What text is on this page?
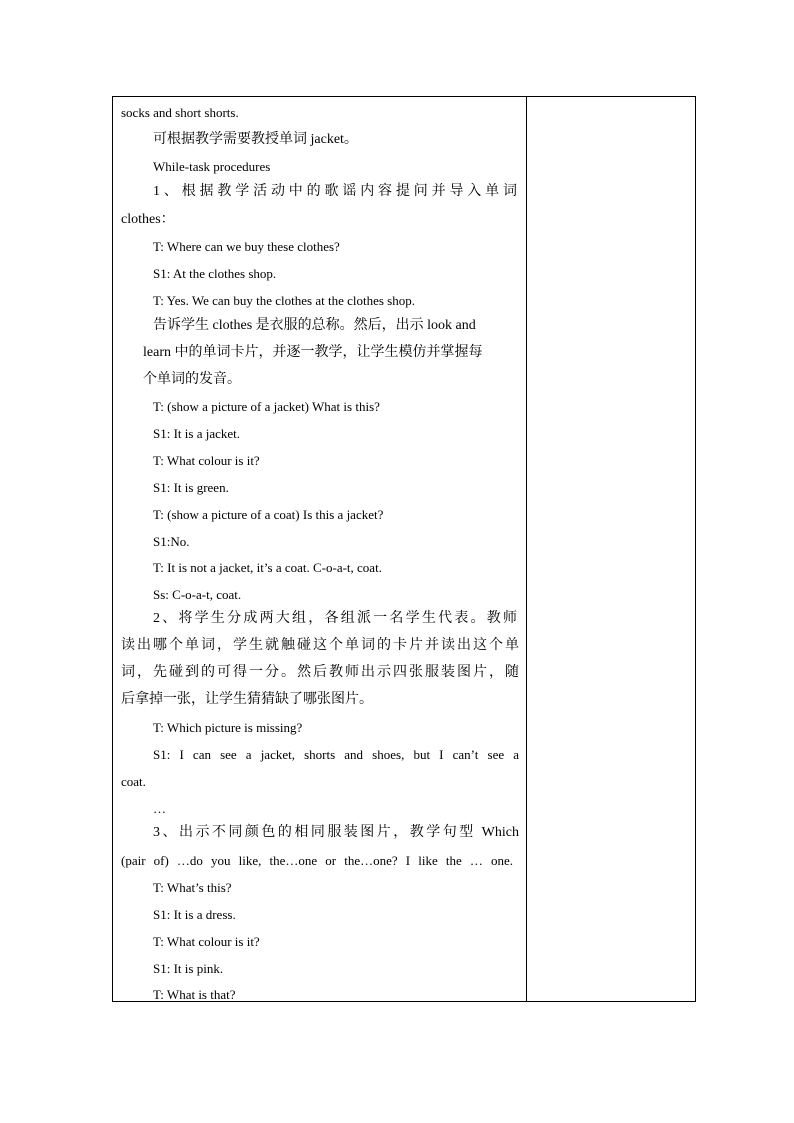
socks and short shorts.
可根据教学需要教授单词 jacket。
While-task procedures
1、根据教学活动中的歌谣内容提问并导入单词
clothes：
T: Where can we buy these clothes?
S1: At the clothes shop.
T: Yes. We can buy the clothes at the clothes shop.
告诉学生 clothes 是衣服的总称。然后，出示 look and
learn 中的单词卡片，并逐一教学，让学生模仿并掌握每
个单词的发音。
T: (show a picture of a jacket) What is this?
S1: It is a jacket.
T: What colour is it?
S1: It is green.
T: (show a picture of a coat) Is this a jacket?
S1:No.
T: It is not a jacket, it’s a coat. C-o-a-t, coat.
Ss: C-o-a-t, coat.
2、将学生分成两大组，各组派一名学生代表。教师
读出哪个单词，学生就触碰这个单词的卡片并读出这个单
词，先碰到的可得一分。然后教师出示四张服装图片，随
后拿掉一张，让学生猜猜缺了哪张图片。
T: Which picture is missing?
S1: I can see a jacket, shorts and shoes, but I can’t see a
coat.
…
3、出示不同颜色的相同服装图片，教学句型 Which
(pair of) …do you like, the…one or the…one? I like the … one.
T: What’s this?
S1: It is a dress.
T: What colour is it?
S1: It is pink.
T: What is that?
